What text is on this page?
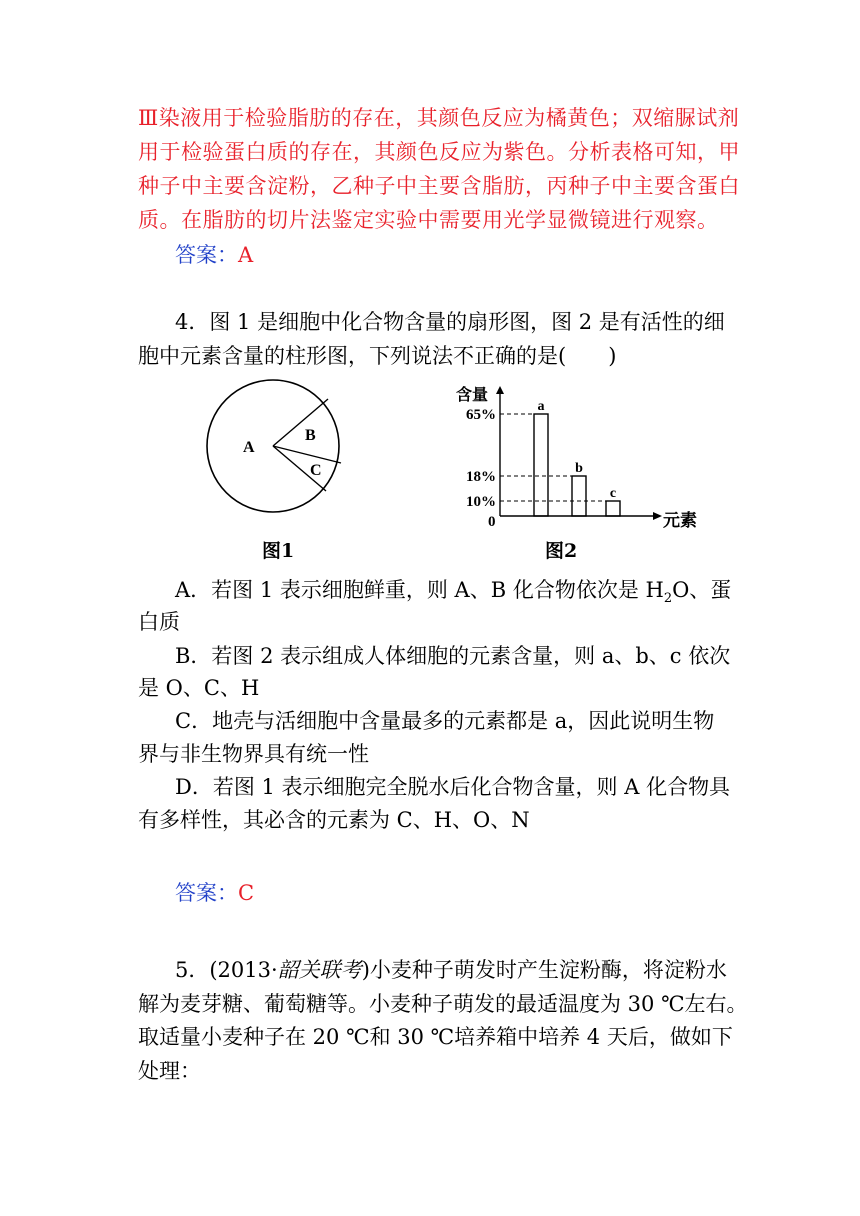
Ⅲ染液用于检验脂肪的存在，其颜色反应为橘黄色；双缩脲试剂
用于检验蛋白质的存在，其颜色反应为紫色。分析表格可知，甲
种子中主要含淀粉，乙种子中主要含脂肪，丙种子中主要含蛋白
质。在脂肪的切片法鉴定实验中需要用光学显微镜进行观察。
答案：A
4．图 1 是细胞中化合物含量的扇形图，图 2 是有活性的细
胞中元素含量的柱形图，下列说法不正确的是(　　)
A
B
C
图1
含量
元素
0
a
65%
b
18%
c
10%
图2
A．若图 1 表示细胞鲜重，则 A、B 化合物依次是 $H_2O$、蛋
白质
B．若图 2 表示组成人体细胞的元素含量，则 a、b、c 依次
是 O、C、H
C．地壳与活细胞中含量最多的元素都是 a，因此说明生物
界与非生物界具有统一性
D．若图 1 表示细胞完全脱水后化合物含量，则 A 化合物具
有多样性，其必含的元素为 C、H、O、N
答案：C
5．(2013·韶关联考)小麦种子萌发时产生淀粉酶，将淀粉水
解为麦芽糖、葡萄糖等。小麦种子萌发的最适温度为 30 ℃左右。
取适量小麦种子在 20 ℃和 30 ℃培养箱中培养 4 天后，做如下
处理：
